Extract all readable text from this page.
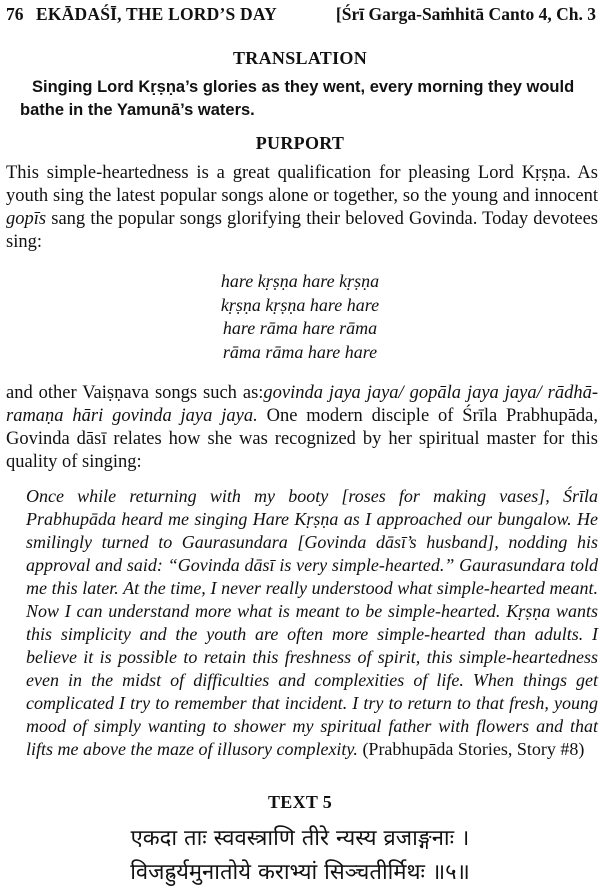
76 EKĀDAŚĪ, THE LORD’S DAY	[Śrī Garga-Saṁhitā Canto 4, Ch. 3
TRANSLATION
Singing Lord Kṛṣṇa’s glories as they went, every morning they would bathe in the Yamunā’s waters.
PURPORT
This simple-heartedness is a great qualification for pleasing Lord Kṛṣṇa. As youth sing the latest popular songs alone or together, so the young and innocent gopīs sang the popular songs glorifying their beloved Govinda. Today devotees sing:
hare kṛṣṇa hare kṛṣṇa
kṛṣṇa kṛṣṇa hare hare
hare rāma hare rāma
rāma rāma hare hare
and other Vaiṣṇava songs such as:govinda jaya jaya/ gopāla jaya jaya/ rādhā-ramaṇa hāri govinda jaya jaya. One modern disciple of Śrīla Prabhupāda, Govinda dāsī relates how she was recognized by her spiritual master for this quality of singing:
Once while returning with my booty [roses for making vases], Śrīla Prabhupāda heard me singing Hare Kṛṣṇa as I approached our bungalow. He smilingly turned to Gaurasundara [Govinda dāsī’s husband], nodding his approval and said: “Govinda dāsī is very simple-hearted.” Gaurasundara told me this later. At the time, I never really understood what simple-hearted meant. Now I can understand more what is meant to be simple-hearted. Kṛṣṇa wants this simplicity and the youth are often more simple-hearted than adults. I believe it is possible to retain this freshness of spirit, this simple-heartedness even in the midst of difficulties and complexities of life. When things get complicated I try to remember that incident. I try to return to that fresh, young mood of simply wanting to shower my spiritual father with flowers and that lifts me above the maze of illusory complexity. (Prabhupāda Stories, Story #8)
TEXT 5
एकदा ताः स्ववस्त्राणि तीरे न्यस्य व्रजाङ्गनाः ।
विजह्रुर्यमुनातोये कराभ्यां सिञ्चतीर्मिथः ॥५॥
